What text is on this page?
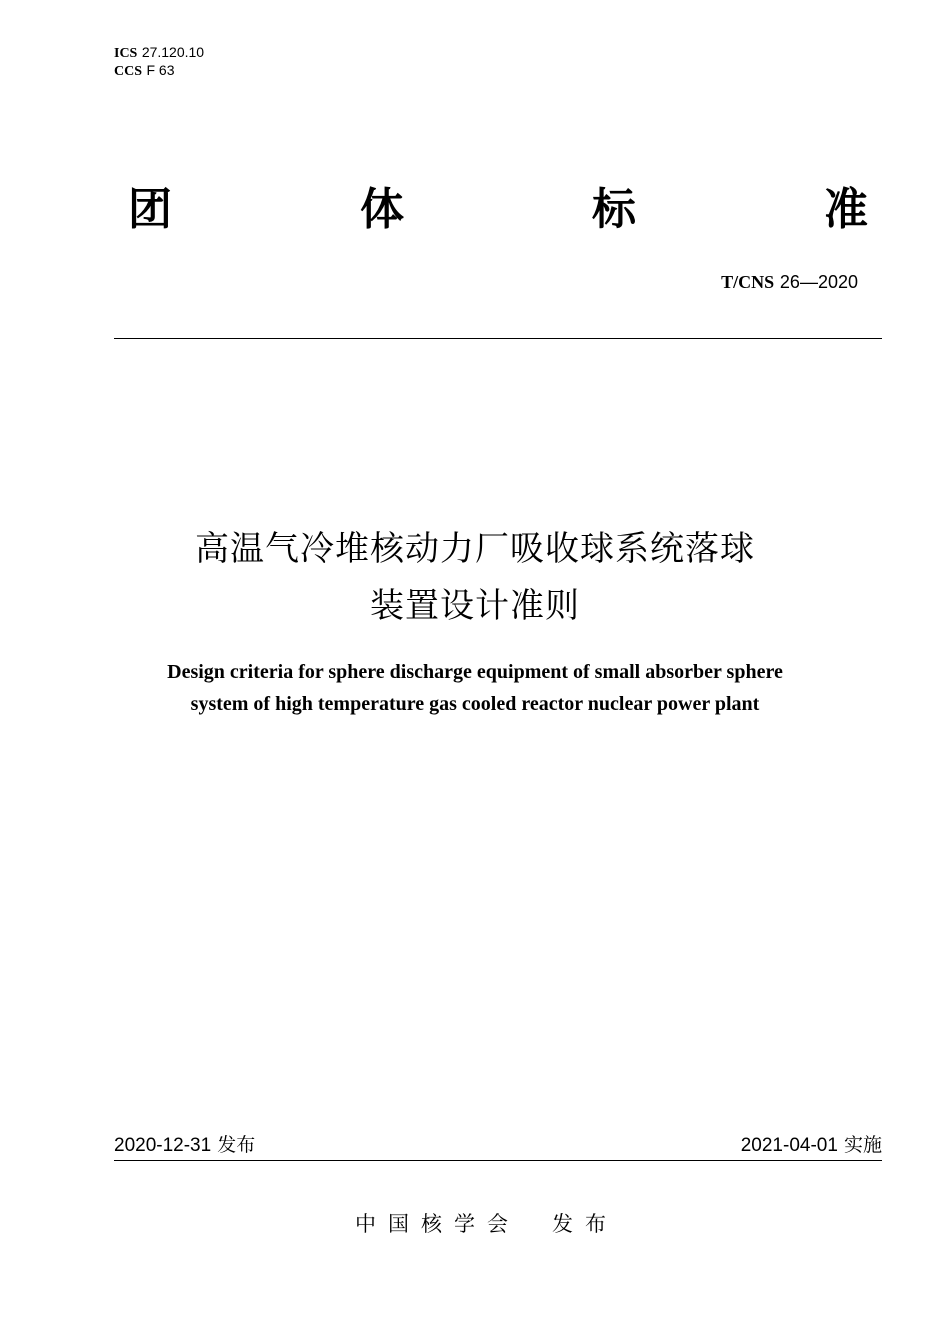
ICS 27.120.10
CCS F 63
团	体	标	准
T/CNS 26—2020
高温气冷堆核动力厂吸收球系统落球
装置设计准则
Design criteria for sphere discharge equipment of small absorber sphere
system of high temperature gas cooled reactor nuclear power plant
2020-12-31 发布	2021-04-01 实施
中国核学会 发布
